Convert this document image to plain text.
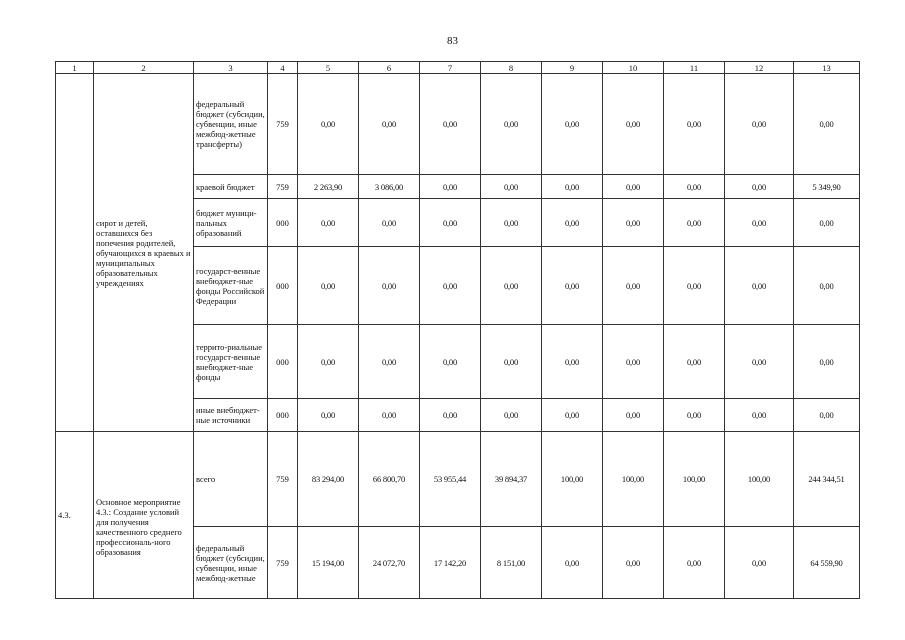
83
1	2	3	4	5	6	7	8	9	10	11	12	13
	сирот и детей, оставшихся без попечения родителей, обучающихся в краевых и муниципальных образовательных учреждениях	федеральный бюджет (субсидии, субвенции, иные межбюд-жетные трансферты)	759	0,00	0,00	0,00	0,00	0,00	0,00	0,00	0,00	0,00
		краевой бюджет	759	2 263,90	3 086,00	0,00	0,00	0,00	0,00	0,00	0,00	5 349,90
		бюджет муници-пальных образований	000	0,00	0,00	0,00	0,00	0,00	0,00	0,00	0,00	0,00
		государст-венные внебюджет-ные фонды Российской Федерации	000	0,00	0,00	0,00	0,00	0,00	0,00	0,00	0,00	0,00
		террито-риальные государст-венные внебюджет-ные фонды	000	0,00	0,00	0,00	0,00	0,00	0,00	0,00	0,00	0,00
		иные внебюджет-ные источники	000	0,00	0,00	0,00	0,00	0,00	0,00	0,00	0,00	0,00
4.3.	Основное мероприятие 4.3.: Создание условий для получения качественного среднего профессиональ-ного образования	всего	759	83 294,00	66 800,70	53 955,44	39 894,37	100,00	100,00	100,00	100,00	244 344,51
		федеральный бюджет (субсидии, субвенции, иные межбюд-жетные	759	15 194,00	24 072,70	17 142,20	8 151,00	0,00	0,00	0,00	0,00	64 559,90
